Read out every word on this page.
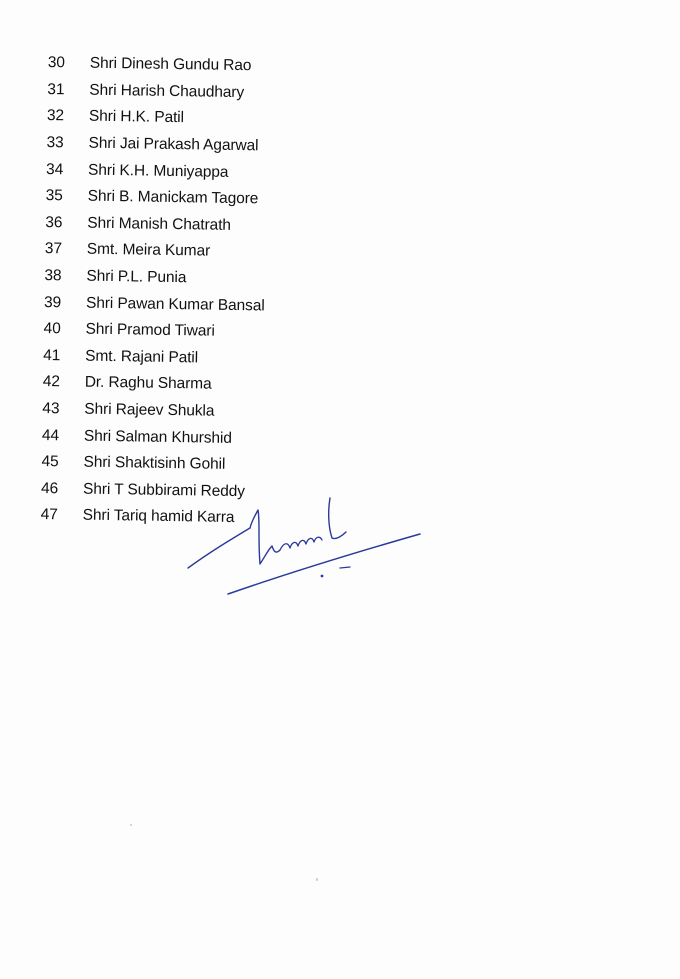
30	Shri Dinesh Gundu Rao
31	Shri Harish Chaudhary
32	Shri H.K. Patil
33	Shri Jai Prakash Agarwal
34	Shri K.H. Muniyappa
35	Shri B. Manickam Tagore
36	Shri Manish Chatrath
37	Smt. Meira Kumar
38	Shri P.L. Punia
39	Shri Pawan Kumar Bansal
40	Shri Pramod Tiwari
41	Smt. Rajani Patil
42	Dr. Raghu Sharma
43	Shri Rajeev Shukla
44	Shri Salman Khurshid
45	Shri Shaktisinh Gohil
46	Shri T Subbirami Reddy
47	Shri Tariq hamid Karra
